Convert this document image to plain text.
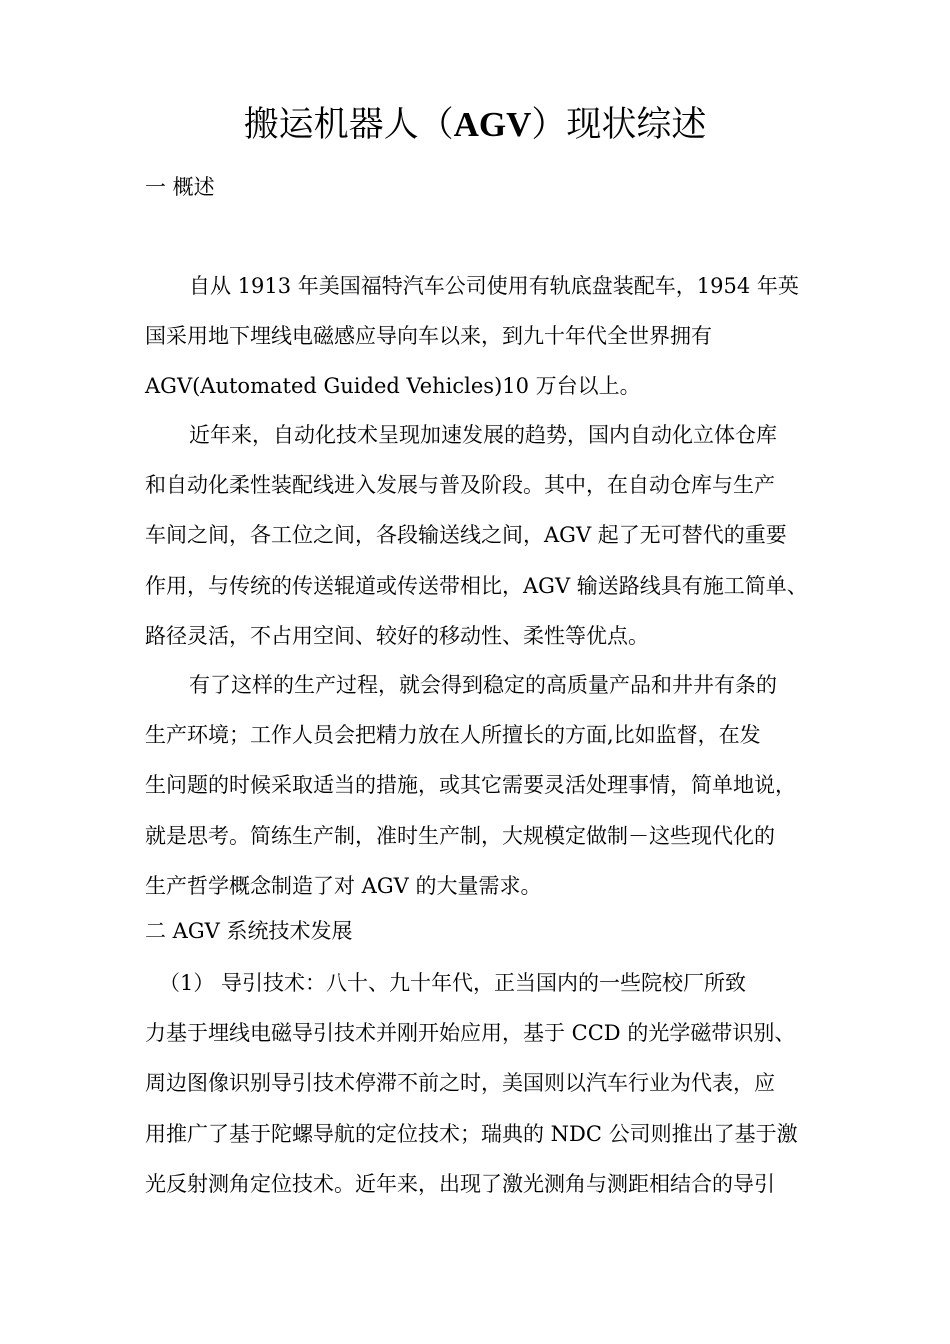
搬运机器人（AGV）现状综述
一 概述

自从 1913 年美国福特汽车公司使用有轨底盘装配车，1954 年英
国采用地下埋线电磁感应导向车以来，到九十年代全世界拥有
AGV(Automated Guided Vehicles)10 万台以上。

近年来，自动化技术呈现加速发展的趋势，国内自动化立体仓库
和自动化柔性装配线进入发展与普及阶段。其中，在自动仓库与生产
车间之间，各工位之间，各段输送线之间，AGV 起了无可替代的重要
作用，与传统的传送辊道或传送带相比，AGV 输送路线具有施工简单、
路径灵活，不占用空间、较好的移动性、柔性等优点。

有了这样的生产过程，就会得到稳定的高质量产品和井井有条的
生产环境；工作人员会把精力放在人所擅长的方面,比如监督，在发
生问题的时候采取适当的措施，或其它需要灵活处理事情，简单地说，
就是思考。简练生产制，准时生产制，大规模定做制－这些现代化的
生产哲学概念制造了对 AGV 的大量需求。

二 AGV 系统技术发展

（1） 导引技术：八十、九十年代，正当国内的一些院校厂所致
力基于埋线电磁导引技术并刚开始应用，基于 CCD 的光学磁带识别、
周边图像识别导引技术停滞不前之时，美国则以汽车行业为代表，应
用推广了基于陀螺导航的定位技术；瑞典的 NDC 公司则推出了基于激
光反射测角定位技术。近年来，出现了激光测角与测距相结合的导引
